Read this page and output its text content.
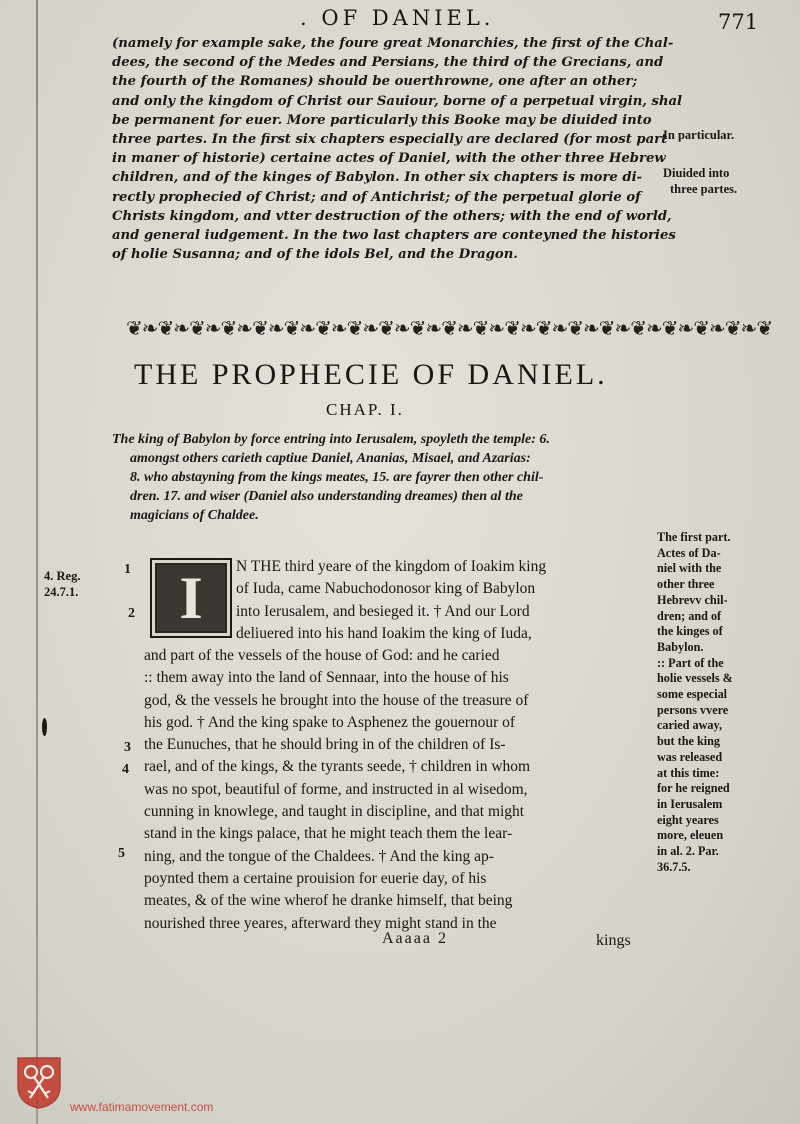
. OF DANIEL.	771
(namely for example sake, the foure great Monarchies, the first of the Chal-
dees, the second of the Medes and Persians, the third of the Grecians, and
the fourth of the Romanes) should be ouerthrowne, one after an other;
and only the kingdom of Christ our Sauiour, borne of a perpetual virgin, shal
be permanent for euer. More particularly this Booke may be diuided into
three partes. In the first six chapters especially are declared (for most part
in maner of historie) certaine actes of Daniel, with the other three Hebrew
children, and of the kinges of Babylon. In other six chapters is more di-
rectly prophecied of Christ; and of Antichrist; of the perpetual glorie of
Christs kingdom, and vtter destruction of the others; with the end of world,
and general iudgement. In the two last chapters are conteyned the histories
of holie Susanna; and of the idols Bel, and the Dragon.
In particular.
Diuided into
three partes.
❦❧❦❧❦❧❦❧❦❧❦❧❦❧❦❧❦❧❦❧❦❧❦❧❦❧❦❧❦❧❦❧❦❧❦❧❦❧❦❧❦
THE PROPHECIE OF DANIEL.
CHAP. I.
The king of Babylon by force entring into Ierusalem, spoyleth the temple: 6.
amongst others carieth captiue Daniel, Ananias, Misael, and Azarias:
8. who abstayning from the kings meates, 15. are fayrer then other chil-
dren. 17. and wiser (Daniel also understanding dreames) then al the
magicians of Chaldee.
4. Reg.
24.7.1.
1
2
3
4
5
I	N THE third yeare of the kingdom of Ioakim king
of Iuda, came Nabuchodonosor king of Babylon
into Ierusalem, and besieged it. † And our Lord
deliuered into his hand Ioakim the king of Iuda,
and part of the vessels of the house of God: and he caried
:: them away into the land of Sennaar, into the house of his
god, & the vessels he brought into the house of the treasure of
his god. † And the king spake to Asphenez the gouernour of
the Eunuches, that he should bring in of the children of Is-
rael, and of the kings, & the tyrants seede, † children in whom
was no spot, beautiful of forme, and instructed in al wisedom,
cunning in knowlege, and taught in discipline, and that might
stand in the kings palace, that he might teach them the lear-
ning, and the tongue of the Chaldees. † And the king ap-
poynted them a certaine prouision for euerie day, of his
meates, & of the wine wherof he dranke himself, that being
nourished three yeares, afterward they might stand in the
The first part.
Actes of Da-
niel with the
other three
Hebrevv chil-
dren; and of
the kinges of
Babylon.
:: Part of the
holie vessels &
some especial
persons vvere
caried away,
but the king
was released
at this time:
for he reigned
in Ierusalem
eight yeares
more, eleuen
in al. 2. Par.
36.7.5.
Aaaaa 2	kings
www.fatimamovement.com
